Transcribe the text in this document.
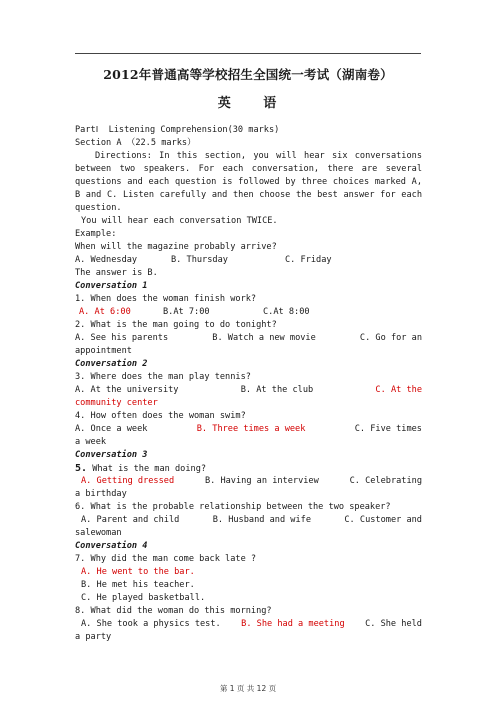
2012年普通高等学校招生全国统一考试（湖南卷）
英 语
PartⅠ  Listening Comprehension(30 marks)
Section A （22.5 marks）
Directions: In this section, you will hear six conversations between two speakers. For each conversation, there are several questions and each question is followed by three choices marked A, B and C. Listen carefully and then choose the best answer for each question.
You will hear each conversation TWICE.
Example:
When will the magazine probably arrive?
A. Wednesday	B. Thursday	C. Friday
The answer is B.
Conversation 1
1. When does the woman finish work?
A. At 6:00	B.At 7:00	C.At 8:00
2. What is the man going to do tonight?
A. See his parents	B. Watch a new movie	C. Go for an
appointment
Conversation 2
3. Where does the man play tennis?
A. At the university	B. At the club	C. At the
community center
4. How often does the woman swim?
A. Once a week	B. Three times a week	C. Five times
a week
Conversation 3
5. What is the man doing?
A. Getting dressed	B. Having an interview	C. Celebrating
a birthday
6. What is the probable relationship between the two speaker?
A. Parent and child	B. Husband and wife	C. Customer and
salewoman
Conversation 4
7. Why did the man come back late ?
A. He went to the bar.
B. He met his teacher.
C. He played basketball.
8. What did the woman do this morning?
A. She took a physics test. B. She had a meeting C. She held
a party
第 1 页 共 12 页
